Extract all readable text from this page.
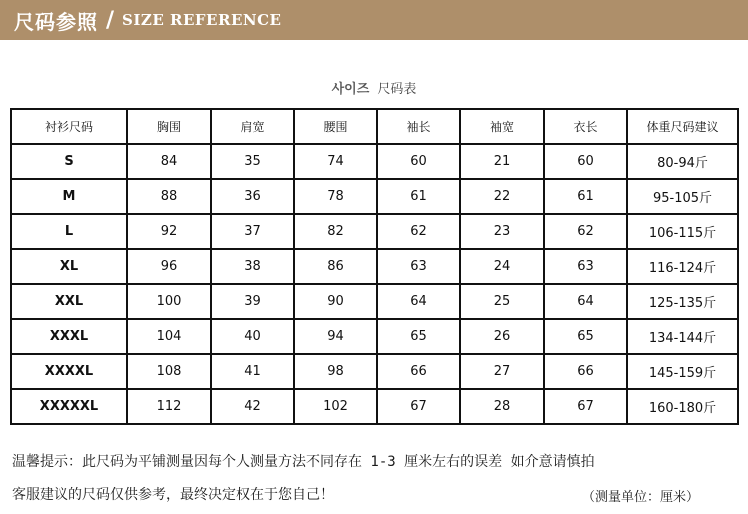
尺码参照 / SIZE REFERENCE
사이즈 尺码表
衬衫尺码	胸围	肩宽	腰围	袖长	袖宽	衣长	体重尺码建议
S	84	35	74	60	21	60	80-94斤
M	88	36	78	61	22	61	95-105斤
L	92	37	82	62	23	62	106-115斤
XL	96	38	86	63	24	63	116-124斤
XXL	100	39	90	64	25	64	125-135斤
XXXL	104	40	94	65	26	65	134-144斤
XXXXL	108	41	98	66	27	66	145-159斤
XXXXXL	112	42	102	67	28	67	160-180斤
温馨提示：此尺码为平铺测量因每个人测量方法不同存在 1-3 厘米左右的误差 如介意请慎拍
客服建议的尺码仅供参考，最终决定权在于您自己！	（测量单位：厘米）
